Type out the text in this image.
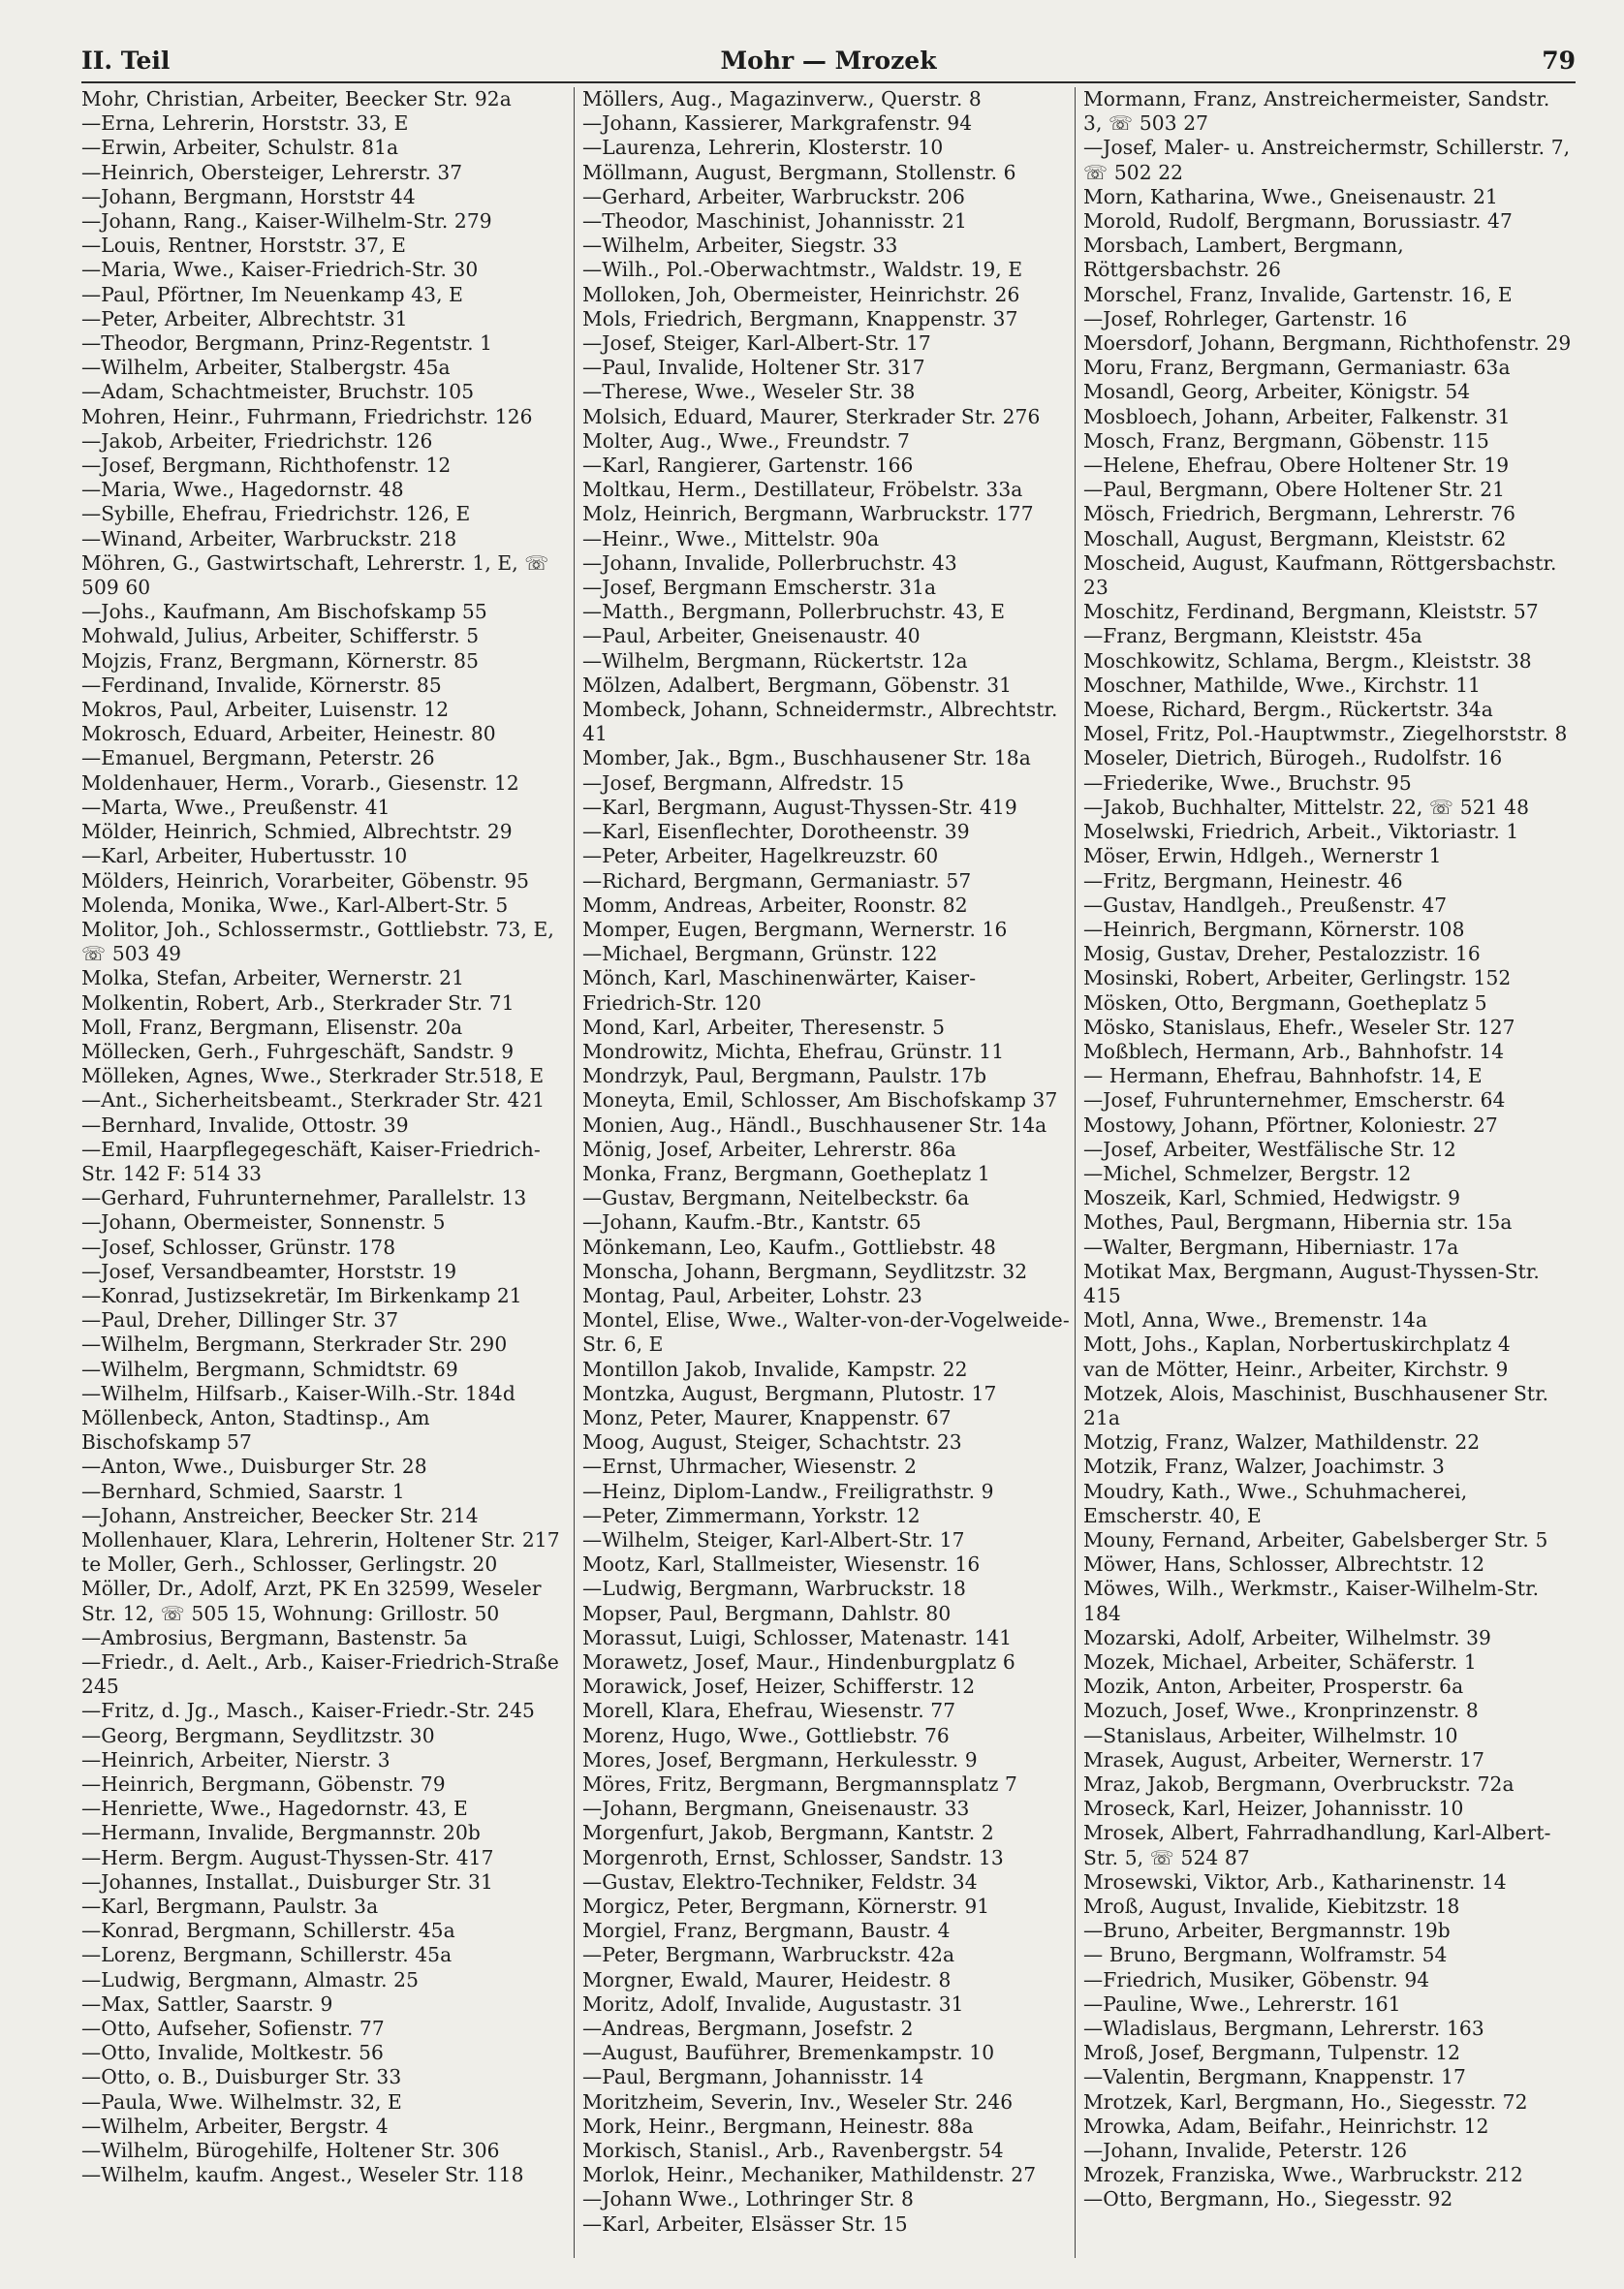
II. Teil	Mohr — Mrozek	79

Mohr, Christian, Arbeiter, Beecker Str. 92a

—Erna, Lehrerin, Horststr. 33, E

—Erwin, Arbeiter, Schulstr. 81a

—Heinrich, Obersteiger, Lehrerstr. 37

—Johann, Bergmann, Horststr 44

—Johann, Rang., Kaiser-Wilhelm-Str. 279

—Louis, Rentner, Horststr. 37, E

—Maria, Wwe., Kaiser-Friedrich-Str. 30

—Paul, Pförtner, Im Neuenkamp 43, E

—Peter, Arbeiter, Albrechtstr. 31

—Theodor, Bergmann, Prinz-Regentstr. 1

—Wilhelm, Arbeiter, Stalbergstr. 45a

—Adam, Schachtmeister, Bruchstr. 105

Mohren, Heinr., Fuhrmann, Friedrichstr. 126

—Jakob, Arbeiter, Friedrichstr. 126

—Josef, Bergmann, Richthofenstr. 12

—Maria, Wwe., Hagedornstr. 48

—Sybille, Ehefrau, Friedrichstr. 126, E

—Winand, Arbeiter, Warbruckstr. 218

Möhren, G., Gastwirtschaft, Lehrerstr. 1, E, ☏ 509 60

—Johs., Kaufmann, Am Bischofskamp 55

Mohwald, Julius, Arbeiter, Schifferstr. 5

Mojzis, Franz, Bergmann, Körnerstr. 85

—Ferdinand, Invalide, Körnerstr. 85

Mokros, Paul, Arbeiter, Luisenstr. 12

Mokrosch, Eduard, Arbeiter, Heinestr. 80

—Emanuel, Bergmann, Peterstr. 26

Moldenhauer, Herm., Vorarb., Giesenstr. 12

—Marta, Wwe., Preußenstr. 41

Mölder, Heinrich, Schmied, Albrechtstr. 29

—Karl, Arbeiter, Hubertusstr. 10

Mölders, Heinrich, Vorarbeiter, Göbenstr. 95

Molenda, Monika, Wwe., Karl-Albert-Str. 5

Molitor, Joh., Schlossermstr., Gottliebstr. 73, E, ☏ 503 49

Molka, Stefan, Arbeiter, Wernerstr. 21

Molkentin, Robert, Arb., Sterkrader Str. 71

Moll, Franz, Bergmann, Elisenstr. 20a

Möllecken, Gerh., Fuhrgeschäft, Sandstr. 9

Mölleken, Agnes, Wwe., Sterkrader Str.518, E

—Ant., Sicherheitsbeamt., Sterkrader Str. 421

—Bernhard, Invalide, Ottostr. 39

—Emil, Haarpflegegeschäft, Kaiser-Friedrich-Str. 142 F: 514 33

—Gerhard, Fuhrunternehmer, Parallelstr. 13

—Johann, Obermeister, Sonnenstr. 5

—Josef, Schlosser, Grünstr. 178

—Josef, Versandbeamter, Horststr. 19

—Konrad, Justizsekretär, Im Birkenkamp 21

—Paul, Dreher, Dillinger Str. 37

—Wilhelm, Bergmann, Sterkrader Str. 290

—Wilhelm, Bergmann, Schmidtstr. 69

—Wilhelm, Hilfsarb., Kaiser-Wilh.-Str. 184d

Möllenbeck, Anton, Stadtinsp., Am Bischofskamp 57

—Anton, Wwe., Duisburger Str. 28

—Bernhard, Schmied, Saarstr. 1

—Johann, Anstreicher, Beecker Str. 214

Mollenhauer, Klara, Lehrerin, Holtener Str. 217

te Moller, Gerh., Schlosser, Gerlingstr. 20

Möller, Dr., Adolf, Arzt, PK En 32599, Weseler Str. 12, ☏ 505 15, Wohnung: Grillostr. 50

—Ambrosius, Bergmann, Bastenstr. 5a

—Friedr., d. Aelt., Arb., Kaiser-Friedrich-Straße 245

—Fritz, d. Jg., Masch., Kaiser-Friedr.-Str. 245

—Georg, Bergmann, Seydlitzstr. 30

—Heinrich, Arbeiter, Nierstr. 3

—Heinrich, Bergmann, Göbenstr. 79

—Henriette, Wwe., Hagedornstr. 43, E

—Hermann, Invalide, Bergmannstr. 20b

—Herm. Bergm. August-Thyssen-Str. 417

—Johannes, Installat., Duisburger Str. 31

—Karl, Bergmann, Paulstr. 3a

—Konrad, Bergmann, Schillerstr. 45a

—Lorenz, Bergmann, Schillerstr. 45a

—Ludwig, Bergmann, Almastr. 25

—Max, Sattler, Saarstr. 9

—Otto, Aufseher, Sofienstr. 77

—Otto, Invalide, Moltkestr. 56

—Otto, o. B., Duisburger Str. 33

—Paula, Wwe. Wilhelmstr. 32, E

—Wilhelm, Arbeiter, Bergstr. 4

—Wilhelm, Bürogehilfe, Holtener Str. 306

—Wilhelm, kaufm. Angest., Weseler Str. 118

Möllers, Aug., Magazinverw., Querstr. 8

—Johann, Kassierer, Markgrafenstr. 94

—Laurenza, Lehrerin, Klosterstr. 10

Möllmann, August, Bergmann, Stollenstr. 6

—Gerhard, Arbeiter, Warbruckstr. 206

—Theodor, Maschinist, Johannisstr. 21

—Wilhelm, Arbeiter, Siegstr. 33

—Wilh., Pol.-Oberwachtmstr., Waldstr. 19, E

Molloken, Joh, Obermeister, Heinrichstr. 26

Mols, Friedrich, Bergmann, Knappenstr. 37

—Josef, Steiger, Karl-Albert-Str. 17

—Paul, Invalide, Holtener Str. 317

—Therese, Wwe., Weseler Str. 38

Molsich, Eduard, Maurer, Sterkrader Str. 276

Molter, Aug., Wwe., Freundstr. 7

—Karl, Rangierer, Gartenstr. 166

Moltkau, Herm., Destillateur, Fröbelstr. 33a

Molz, Heinrich, Bergmann, Warbruckstr. 177

—Heinr., Wwe., Mittelstr. 90a

—Johann, Invalide, Pollerbruchstr. 43

—Josef, Bergmann Emscherstr. 31a

—Matth., Bergmann, Pollerbruchstr. 43, E

—Paul, Arbeiter, Gneisenaustr. 40

—Wilhelm, Bergmann, Rückertstr. 12a

Mölzen, Adalbert, Bergmann, Göbenstr. 31

Mombeck, Johann, Schneidermstr., Albrechtstr. 41

Momber, Jak., Bgm., Buschhausener Str. 18a

—Josef, Bergmann, Alfredstr. 15

—Karl, Bergmann, August-Thyssen-Str. 419

—Karl, Eisenflechter, Dorotheenstr. 39

—Peter, Arbeiter, Hagelkreuzstr. 60

—Richard, Bergmann, Germaniastr. 57

Momm, Andreas, Arbeiter, Roonstr. 82

Momper, Eugen, Bergmann, Wernerstr. 16

—Michael, Bergmann, Grünstr. 122

Mönch, Karl, Maschinenwärter, Kaiser-Friedrich-Str. 120

Mond, Karl, Arbeiter, Theresenstr. 5

Mondrowitz, Michta, Ehefrau, Grünstr. 11

Mondrzyk, Paul, Bergmann, Paulstr. 17b

Moneyta, Emil, Schlosser, Am Bischofskamp 37

Monien, Aug., Händl., Buschhausener Str. 14a

Mönig, Josef, Arbeiter, Lehrerstr. 86a

Monka, Franz, Bergmann, Goetheplatz 1

—Gustav, Bergmann, Neitelbeckstr. 6a

—Johann, Kaufm.-Btr., Kantstr. 65

Mönkemann, Leo, Kaufm., Gottliebstr. 48

Monscha, Johann, Bergmann, Seydlitzstr. 32

Montag, Paul, Arbeiter, Lohstr. 23

Montel, Elise, Wwe., Walter-von-der-Vogelweide-Str. 6, E

Montillon Jakob, Invalide, Kampstr. 22

Montzka, August, Bergmann, Plutostr. 17

Monz, Peter, Maurer, Knappenstr. 67

Moog, August, Steiger, Schachtstr. 23

—Ernst, Uhrmacher, Wiesenstr. 2

—Heinz, Diplom-Landw., Freiligrathstr. 9

—Peter, Zimmermann, Yorkstr. 12

—Wilhelm, Steiger, Karl-Albert-Str. 17

Mootz, Karl, Stallmeister, Wiesenstr. 16

—Ludwig, Bergmann, Warbruckstr. 18

Mopser, Paul, Bergmann, Dahlstr. 80

Morassut, Luigi, Schlosser, Matenastr. 141

Morawetz, Josef, Maur., Hindenburgplatz 6

Morawick, Josef, Heizer, Schifferstr. 12

Morell, Klara, Ehefrau, Wiesenstr. 77

Morenz, Hugo, Wwe., Gottliebstr. 76

Mores, Josef, Bergmann, Herkulesstr. 9

Möres, Fritz, Bergmann, Bergmannsplatz 7

—Johann, Bergmann, Gneisenaustr. 33

Morgenfurt, Jakob, Bergmann, Kantstr. 2

Morgenroth, Ernst, Schlosser, Sandstr. 13

—Gustav, Elektro-Techniker, Feldstr. 34

Morgicz, Peter, Bergmann, Körnerstr. 91

Morgiel, Franz, Bergmann, Baustr. 4

—Peter, Bergmann, Warbruckstr. 42a

Morgner, Ewald, Maurer, Heidestr. 8

Moritz, Adolf, Invalide, Augustastr. 31

—Andreas, Bergmann, Josefstr. 2

—August, Bauführer, Bremenkampstr. 10

—Paul, Bergmann, Johannisstr. 14

Moritzheim, Severin, Inv., Weseler Str. 246

Mork, Heinr., Bergmann, Heinestr. 88a

Morkisch, Stanisl., Arb., Ravenbergstr. 54

Morlok, Heinr., Mechaniker, Mathildenstr. 27

—Johann Wwe., Lothringer Str. 8

—Karl, Arbeiter, Elsässer Str. 15

Mormann, Franz, Anstreichermeister, Sandstr. 3, ☏ 503 27

—Josef, Maler- u. Anstreichermstr, Schillerstr. 7, ☏ 502 22

Morn, Katharina, Wwe., Gneisenaustr. 21

Morold, Rudolf, Bergmann, Borussiastr. 47

Morsbach, Lambert, Bergmann, Röttgersbachstr. 26

Morschel, Franz, Invalide, Gartenstr. 16, E

—Josef, Rohrleger, Gartenstr. 16

Moersdorf, Johann, Bergmann, Richthofenstr. 29

Moru, Franz, Bergmann, Germaniastr. 63a

Mosandl, Georg, Arbeiter, Königstr. 54

Mosbloech, Johann, Arbeiter, Falkenstr. 31

Mosch, Franz, Bergmann, Göbenstr. 115

—Helene, Ehefrau, Obere Holtener Str. 19

—Paul, Bergmann, Obere Holtener Str. 21

Mösch, Friedrich, Bergmann, Lehrerstr. 76

Moschall, August, Bergmann, Kleiststr. 62

Moscheid, August, Kaufmann, Röttgersbachstr. 23

Moschitz, Ferdinand, Bergmann, Kleiststr. 57

—Franz, Bergmann, Kleiststr. 45a

Moschkowitz, Schlama, Bergm., Kleiststr. 38

Moschner, Mathilde, Wwe., Kirchstr. 11

Moese, Richard, Bergm., Rückertstr. 34a

Mosel, Fritz, Pol.-Hauptwmstr., Ziegelhorststr. 8

Moseler, Dietrich, Bürogeh., Rudolfstr. 16

—Friederike, Wwe., Bruchstr. 95

—Jakob, Buchhalter, Mittelstr. 22, ☏ 521 48

Moselwski, Friedrich, Arbeit., Viktoriastr. 1

Möser, Erwin, Hdlgeh., Wernerstr 1

—Fritz, Bergmann, Heinestr. 46

—Gustav, Handlgeh., Preußenstr. 47

—Heinrich, Bergmann, Körnerstr. 108

Mosig, Gustav, Dreher, Pestalozzistr. 16

Mosinski, Robert, Arbeiter, Gerlingstr. 152

Mösken, Otto, Bergmann, Goetheplatz 5

Mösko, Stanislaus, Ehefr., Weseler Str. 127

Moßblech, Hermann, Arb., Bahnhofstr. 14

— Hermann, Ehefrau, Bahnhofstr. 14, E

—Josef, Fuhrunternehmer, Emscherstr. 64

Mostowy, Johann, Pförtner, Koloniestr. 27

—Josef, Arbeiter, Westfälische Str. 12

—Michel, Schmelzer, Bergstr. 12

Moszeik, Karl, Schmied, Hedwigstr. 9

Mothes, Paul, Bergmann, Hibernia str. 15a

—Walter, Bergmann, Hiberniastr. 17a

Motikat Max, Bergmann, August-Thyssen-Str. 415

Motl, Anna, Wwe., Bremenstr. 14a

Mott, Johs., Kaplan, Norbertuskirchplatz 4

van de Mötter, Heinr., Arbeiter, Kirchstr. 9

Motzek, Alois, Maschinist, Buschhausener Str. 21a

Motzig, Franz, Walzer, Mathildenstr. 22

Motzik, Franz, Walzer, Joachimstr. 3

Moudry, Kath., Wwe., Schuhmacherei, Emscherstr. 40, E

Mouny, Fernand, Arbeiter, Gabelsberger Str. 5

Möwer, Hans, Schlosser, Albrechtstr. 12

Möwes, Wilh., Werkmstr., Kaiser-Wilhelm-Str. 184

Mozarski, Adolf, Arbeiter, Wilhelmstr. 39

Mozek, Michael, Arbeiter, Schäferstr. 1

Mozik, Anton, Arbeiter, Prosperstr. 6a

Mozuch, Josef, Wwe., Kronprinzenstr. 8

—Stanislaus, Arbeiter, Wilhelmstr. 10

Mrasek, August, Arbeiter, Wernerstr. 17

Mraz, Jakob, Bergmann, Overbruckstr. 72a

Mroseck, Karl, Heizer, Johannisstr. 10

Mrosek, Albert, Fahrradhandlung, Karl-Albert-Str. 5, ☏ 524 87

Mrosewski, Viktor, Arb., Katharinenstr. 14

Mroß, August, Invalide, Kiebitzstr. 18

—Bruno, Arbeiter, Bergmannstr. 19b

— Bruno, Bergmann, Wolframstr. 54

—Friedrich, Musiker, Göbenstr. 94

—Pauline, Wwe., Lehrerstr. 161

—Wladislaus, Bergmann, Lehrerstr. 163

Mroß, Josef, Bergmann, Tulpenstr. 12

—Valentin, Bergmann, Knappenstr. 17

Mrotzek, Karl, Bergmann, Ho., Siegesstr. 72

Mrowka, Adam, Beifahr., Heinrichstr. 12

—Johann, Invalide, Peterstr. 126

Mrozek, Franziska, Wwe., Warbruckstr. 212

—Otto, Bergmann, Ho., Siegesstr. 92
